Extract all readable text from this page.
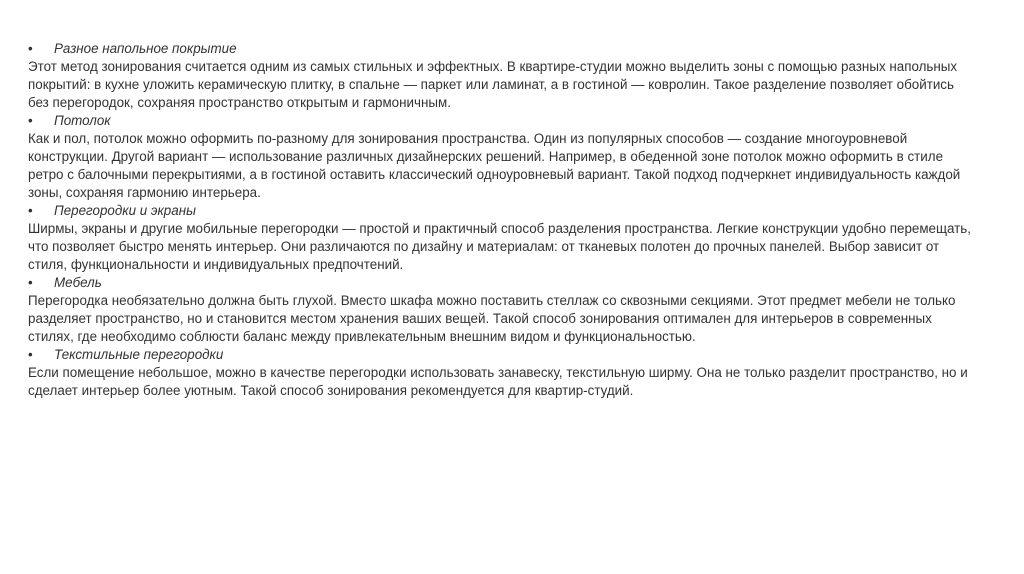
•	Разное напольное покрытие

Этот метод зонирования считается одним из самых стильных и эффектных. В квартире-студии можно выделить зоны с помощью разных напольных покрытий: в кухне уложить керамическую плитку, в спальне — паркет или ламинат, а в гостиной — ковролин. Такое разделение позволяет обойтись без перегородок, сохраняя пространство открытым и гармоничным.

•	Потолок

Как и пол, потолок можно оформить по-разному для зонирования пространства. Один из популярных способов — создание многоуровневой конструкции. Другой вариант — использование различных дизайнерских решений. Например, в обеденной зоне потолок можно оформить в стиле ретро с балочными перекрытиями, а в гостиной оставить классический одноуровневый вариант. Такой подход подчеркнет индивидуальность каждой зоны, сохраняя гармонию интерьера.

•	Перегородки и экраны

Ширмы, экраны и другие мобильные перегородки — простой и практичный способ разделения пространства. Легкие конструкции удобно перемещать, что позволяет быстро менять интерьер. Они различаются по дизайну и материалам: от тканевых полотен до прочных панелей. Выбор зависит от стиля, функциональности и индивидуальных предпочтений.

•	Мебель

Перегородка необязательно должна быть глухой. Вместо шкафа можно поставить стеллаж со сквозными секциями. Этот предмет мебели не только разделяет пространство, но и становится местом хранения ваших вещей. Такой способ зонирования оптимален для интерьеров в современных стилях, где необходимо соблюсти баланс между привлекательным внешним видом и функциональностью.

•	Текстильные перегородки

Если помещение небольшое, можно в качестве перегородки использовать занавеску, текстильную ширму. Она не только разделит пространство, но и сделает интерьер более уютным. Такой способ зонирования рекомендуется для квартир-студий.
